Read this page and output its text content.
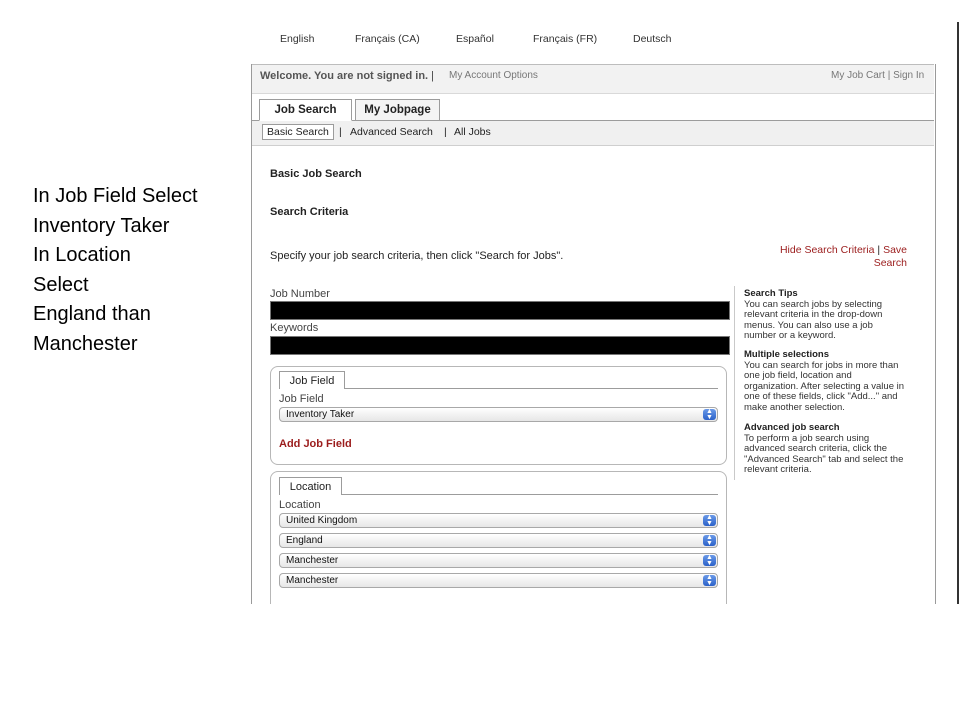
In Job Field Select
Inventory Taker
In Location
Select
England than
Manchester
English	Français (CA)	Español	Français (FR)	Deutsch
Welcome. You are not signed in. | My Account Options	My Job Cart | Sign In
Job Search	My Jobpage
Basic Search | Advanced Search | All Jobs
Basic Job Search
Search Criteria
Specify your job search criteria, then click "Search for Jobs".	Hide Search Criteria | Save Search
Job Number
Keywords
Job Field
Job Field
Inventory Taker	▲
▼
Add Job Field
Location
Location
United Kingdom	▲
▼
England	▲
▼
Manchester	▲
▼
Manchester	▲
▼
Search Tips
You can search jobs by selecting
relevant criteria in the drop-down
menus. You can also use a job
number or a keyword.
Multiple selections
You can search for jobs in more than
one job field, location and
organization. After selecting a value in
one of these fields, click "Add..." and
make another selection.
Advanced job search
To perform a job search using
advanced search criteria, click the
"Advanced Search" tab and select the
relevant criteria.
